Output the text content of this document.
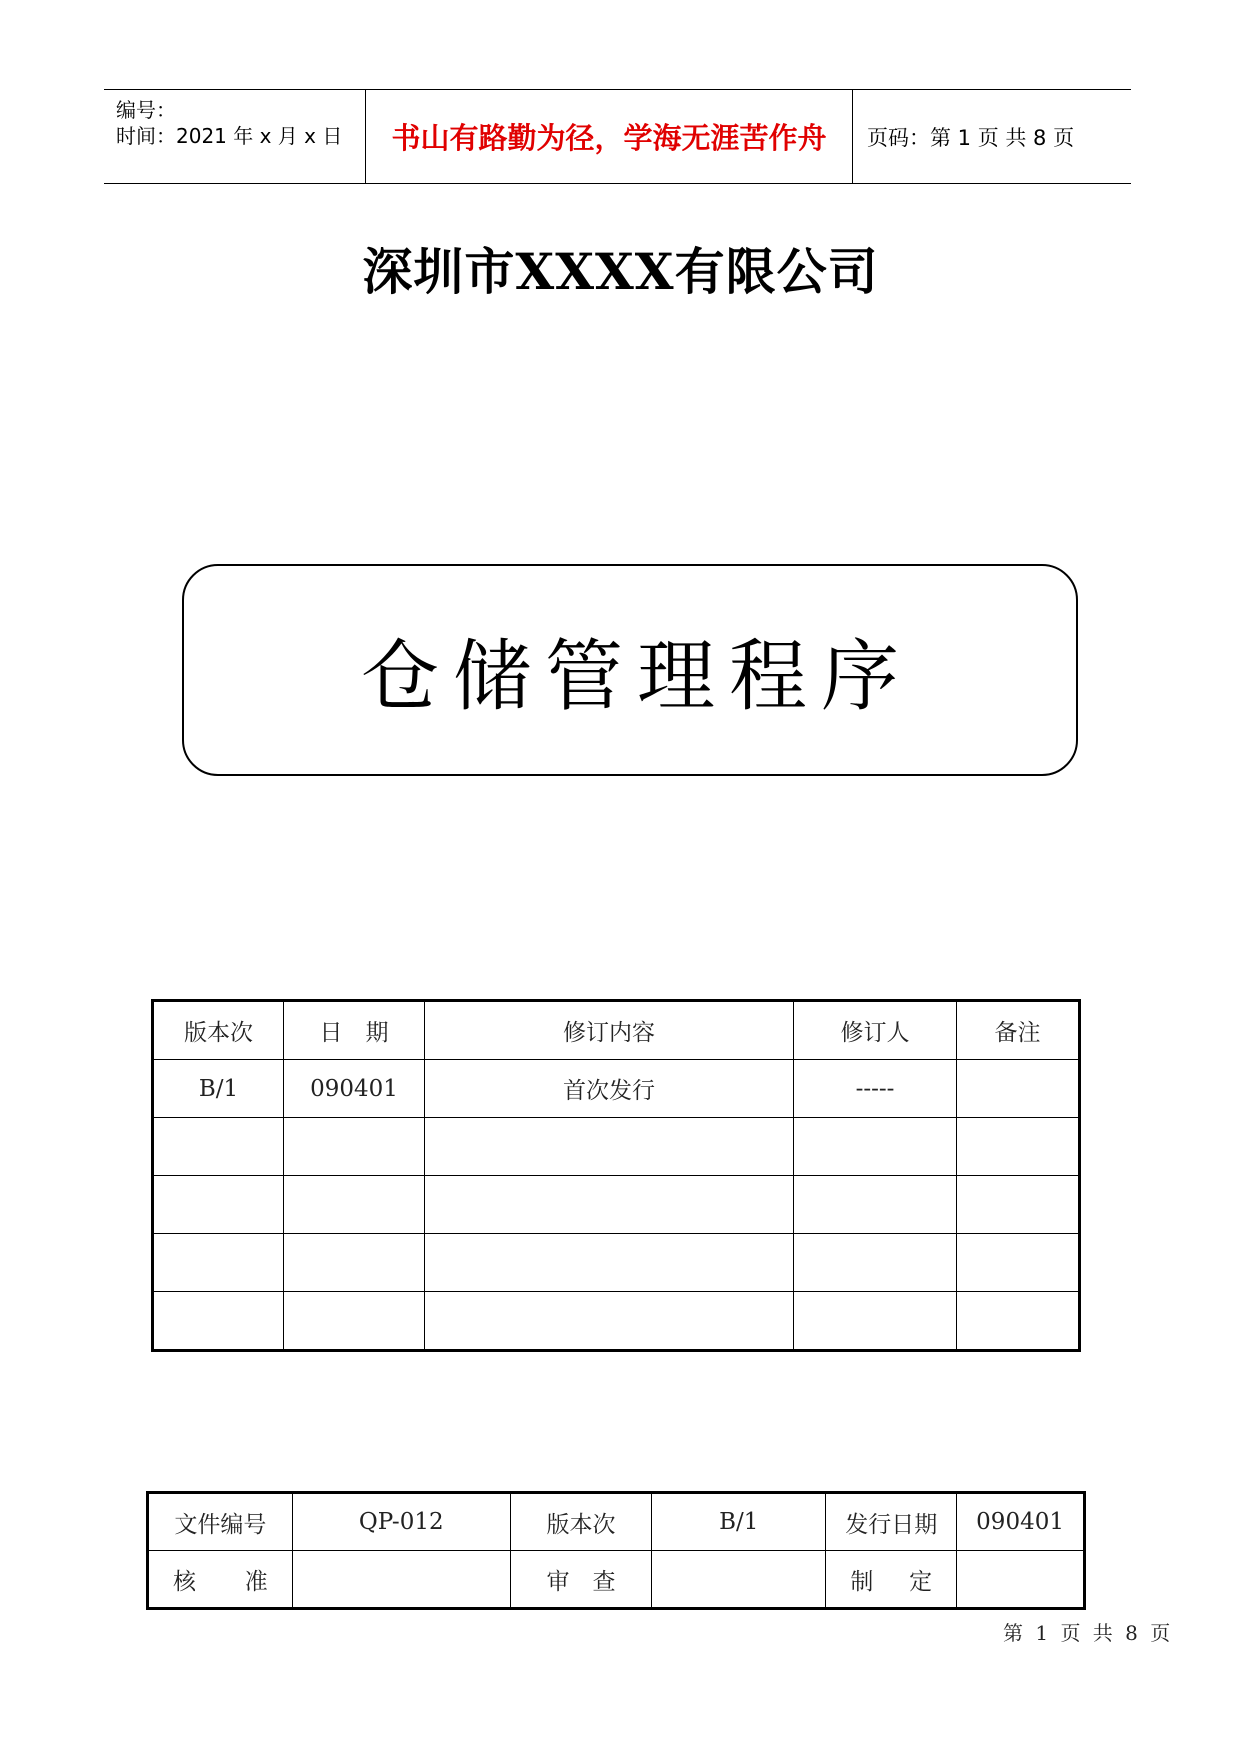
编号：
时间：2021 年 x 月 x 日	书山有路勤为径，学海无涯苦作舟	页码：第 1 页 共 8 页
深圳市XXXX有限公司
仓储管理程序
版本次	日　期	修订内容	修订人	备注
B/1	090401	首次发行	-----	

文件编号	QP-012	版本次	B/1	发行日期	090401

核 准		审　查		制 定	

第 1 页 共 8 页
